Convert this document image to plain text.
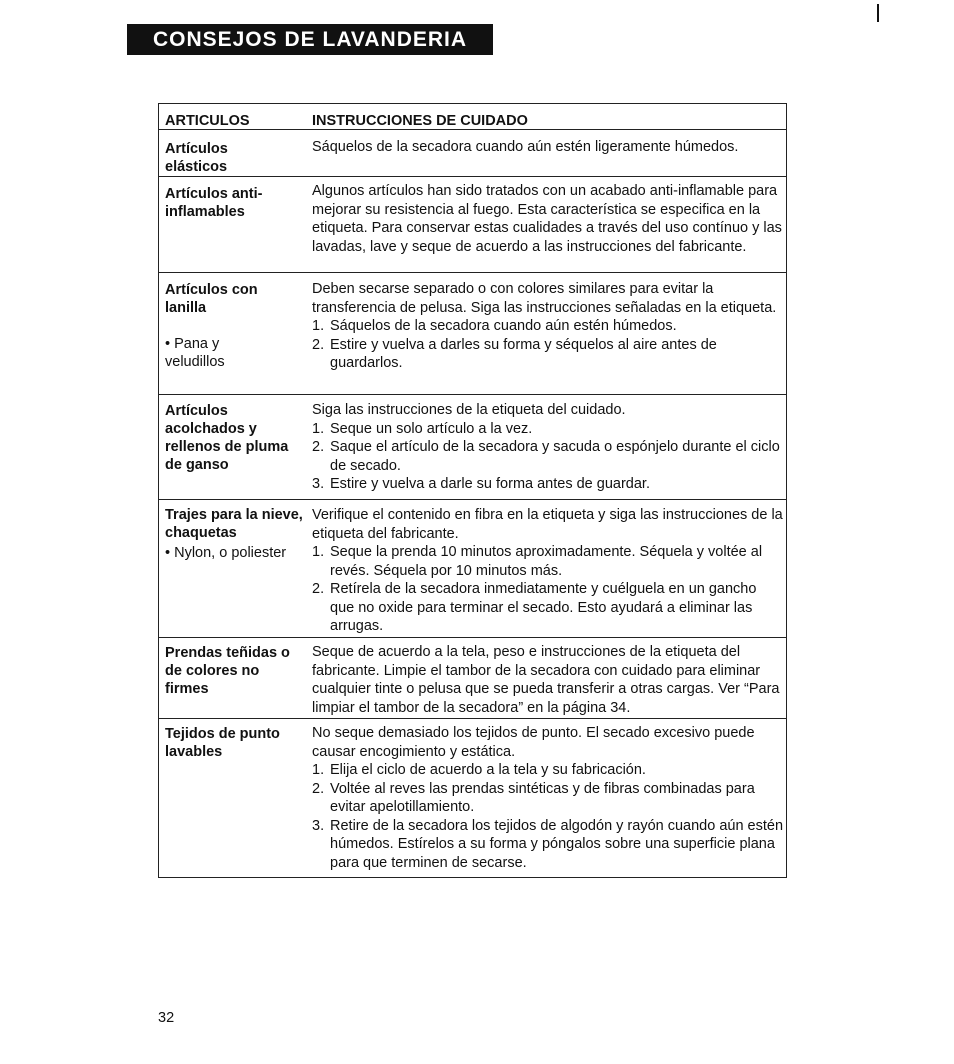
CONSEJOS DE LAVANDERIA
ARTICULOS	INSTRUCCIONES DE CUIDADO
Artículos elásticos

Sáquelos de la secadora cuando aún estén ligeramente húmedos.

Artículos anti-inflamables

Algunos artículos han sido tratados con un acabado anti-inflamable para mejorar su resistencia al fuego. Esta característica se especifica en la etiqueta. Para conservar estas cualidades a través del uso contínuo y las lavadas, lave y seque de acuerdo a las instrucciones del fabricante.

Artículos con lanilla
• Pana y veludillos

Deben secarse separado o con colores similares para evitar la transferencia de pelusa. Siga las instrucciones señaladas en la etiqueta.

1. Sáquelos de la secadora cuando aún estén húmedos.
2. Estire y vuelva a darles su forma y séquelos al aire antes de guardarlos.
Artículos acolchados y rellenos de pluma de ganso

Siga las instrucciones de la etiqueta del cuidado.

1. Seque un solo artículo a la vez.
2. Saque el artículo de la secadora y sacuda o espónjelo durante el ciclo de secado.
3. Estire y vuelva a darle su forma antes de guardar.
Trajes para la nieve, chaquetas
• Nylon, o poliester

Verifique el contenido en fibra en la etiqueta y siga las instrucciones de la etiqueta del fabricante.

1. Seque la prenda 10 minutos aproximadamente. Séquela y voltée al revés. Séquela por 10 minutos más.
2. Retírela de la secadora inmediatamente y cuélguela en un gancho que no oxide para terminar el secado. Esto ayudará a eliminar las arrugas.
Prendas teñidas o de colores no firmes

Seque de acuerdo a la tela, peso e instrucciones de la etiqueta del fabricante. Limpie el tambor de la secadora con cuidado para eliminar cualquier tinte o pelusa que se pueda transferir a otras cargas. Ver “Para limpiar el tambor de la secadora” en la página 34.

Tejidos de punto lavables

No seque demasiado los tejidos de punto. El secado excesivo puede causar encogimiento y estática.

1. Elija el ciclo de acuerdo a la tela y su fabricación.
2. Voltée al reves las prendas sintéticas y de fibras combinadas para evitar apelotillamiento.
3. Retire de la secadora los tejidos de algodón y rayón cuando aún estén húmedos. Estírelos a su forma y póngalos sobre una superficie plana para que terminen de secarse.
32
